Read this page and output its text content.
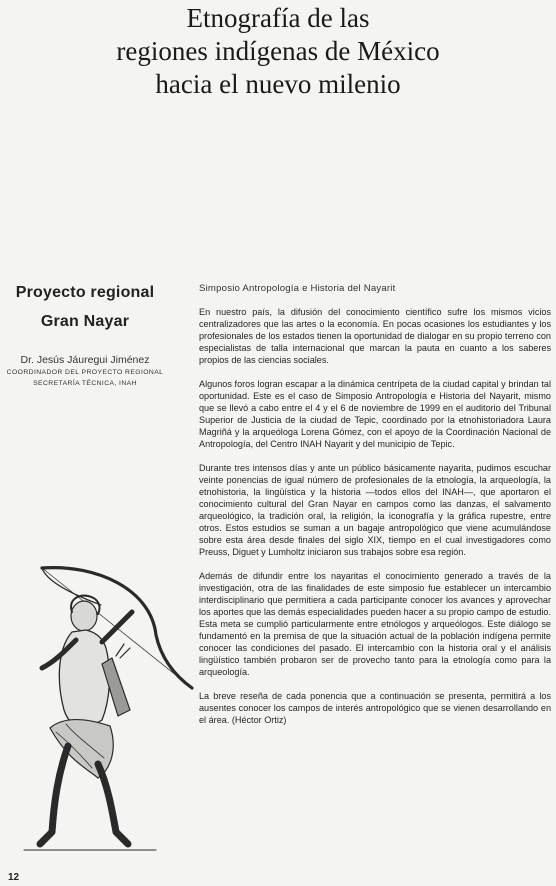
Etnografía de las
regiones indígenas de México
hacia el nuevo milenio
Proyecto regional
Gran Nayar
Dr. Jesús Jáuregui Jiménez
COORDINADOR DEL PROYECTO REGIONAL
SECRETARÍA TÉCNICA, INAH
Simposio Antropología e Historia del Nayarit

En nuestro país, la difusión del conocimiento científico sufre los mismos vicios centralizadores que las artes o la economía. En pocas ocasiones los estudiantes y los profesionales de los estados tienen la oportunidad de dialogar en su propio terreno con especialistas de talla internacional que marcan la pauta en cuanto a los saberes propios de las ciencias sociales.

Algunos foros logran escapar a la dinámica centrípeta de la ciudad capital y brindan tal oportunidad. Este es el caso de Simposio Antropología e Historia del Nayarit, mismo que se llevó a cabo entre el 4 y el 6 de noviembre de 1999 en el auditorio del Tribunal Superior de Justicia de la ciudad de Tepic, coordinado por la etnohistoriadora Laura Magriñá y la arqueóloga Lorena Gómez, con el apoyo de la Coordinación Nacional de Antropología, del Centro INAH Nayarit y del municipio de Tepic.

Durante tres intensos días y ante un público básicamente nayarita, pudimos escuchar veinte ponencias de igual número de profesionales de la etnología, la arqueología, la etnohistoria, la lingüística y la historia —todos ellos del INAH—, que aportaron el conocimiento cultural del Gran Nayar en campos como las danzas, el salvamento arqueológico, la tradición oral, la religión, la iconografía y la gráfica rupestre, entre otros. Estos estudios se suman a un bagaje antropológico que viene acumulándose sobre esta área desde finales del siglo XIX, tiempo en el cual investigadores como Preuss, Diguet y Lumholtz iniciaron sus trabajos sobre esa región.

Además de difundir entre los nayaritas el conocimiento generado a través de la investigación, otra de las finalidades de este simposio fue establecer un intercambio interdisciplinario que permitiera a cada participante conocer los avances y aprovechar los aportes que las demás especialidades pueden hacer a su propio campo de estudio. Esta meta se cumplió particularmente entre etnólogos y arqueólogos. Este diálogo se fundamentó en la premisa de que la situación actual de la población indígena permite conocer las condiciones del pasado. El intercambio con la historia oral y el análisis lingüístico también probaron ser de provecho tanto para la etnología como para la arqueología.

La breve reseña de cada ponencia que a continuación se presenta, permitirá a los ausentes conocer los campos de interés antropológico que se vienen desarrollando en el área. (Héctor Ortiz)

12
